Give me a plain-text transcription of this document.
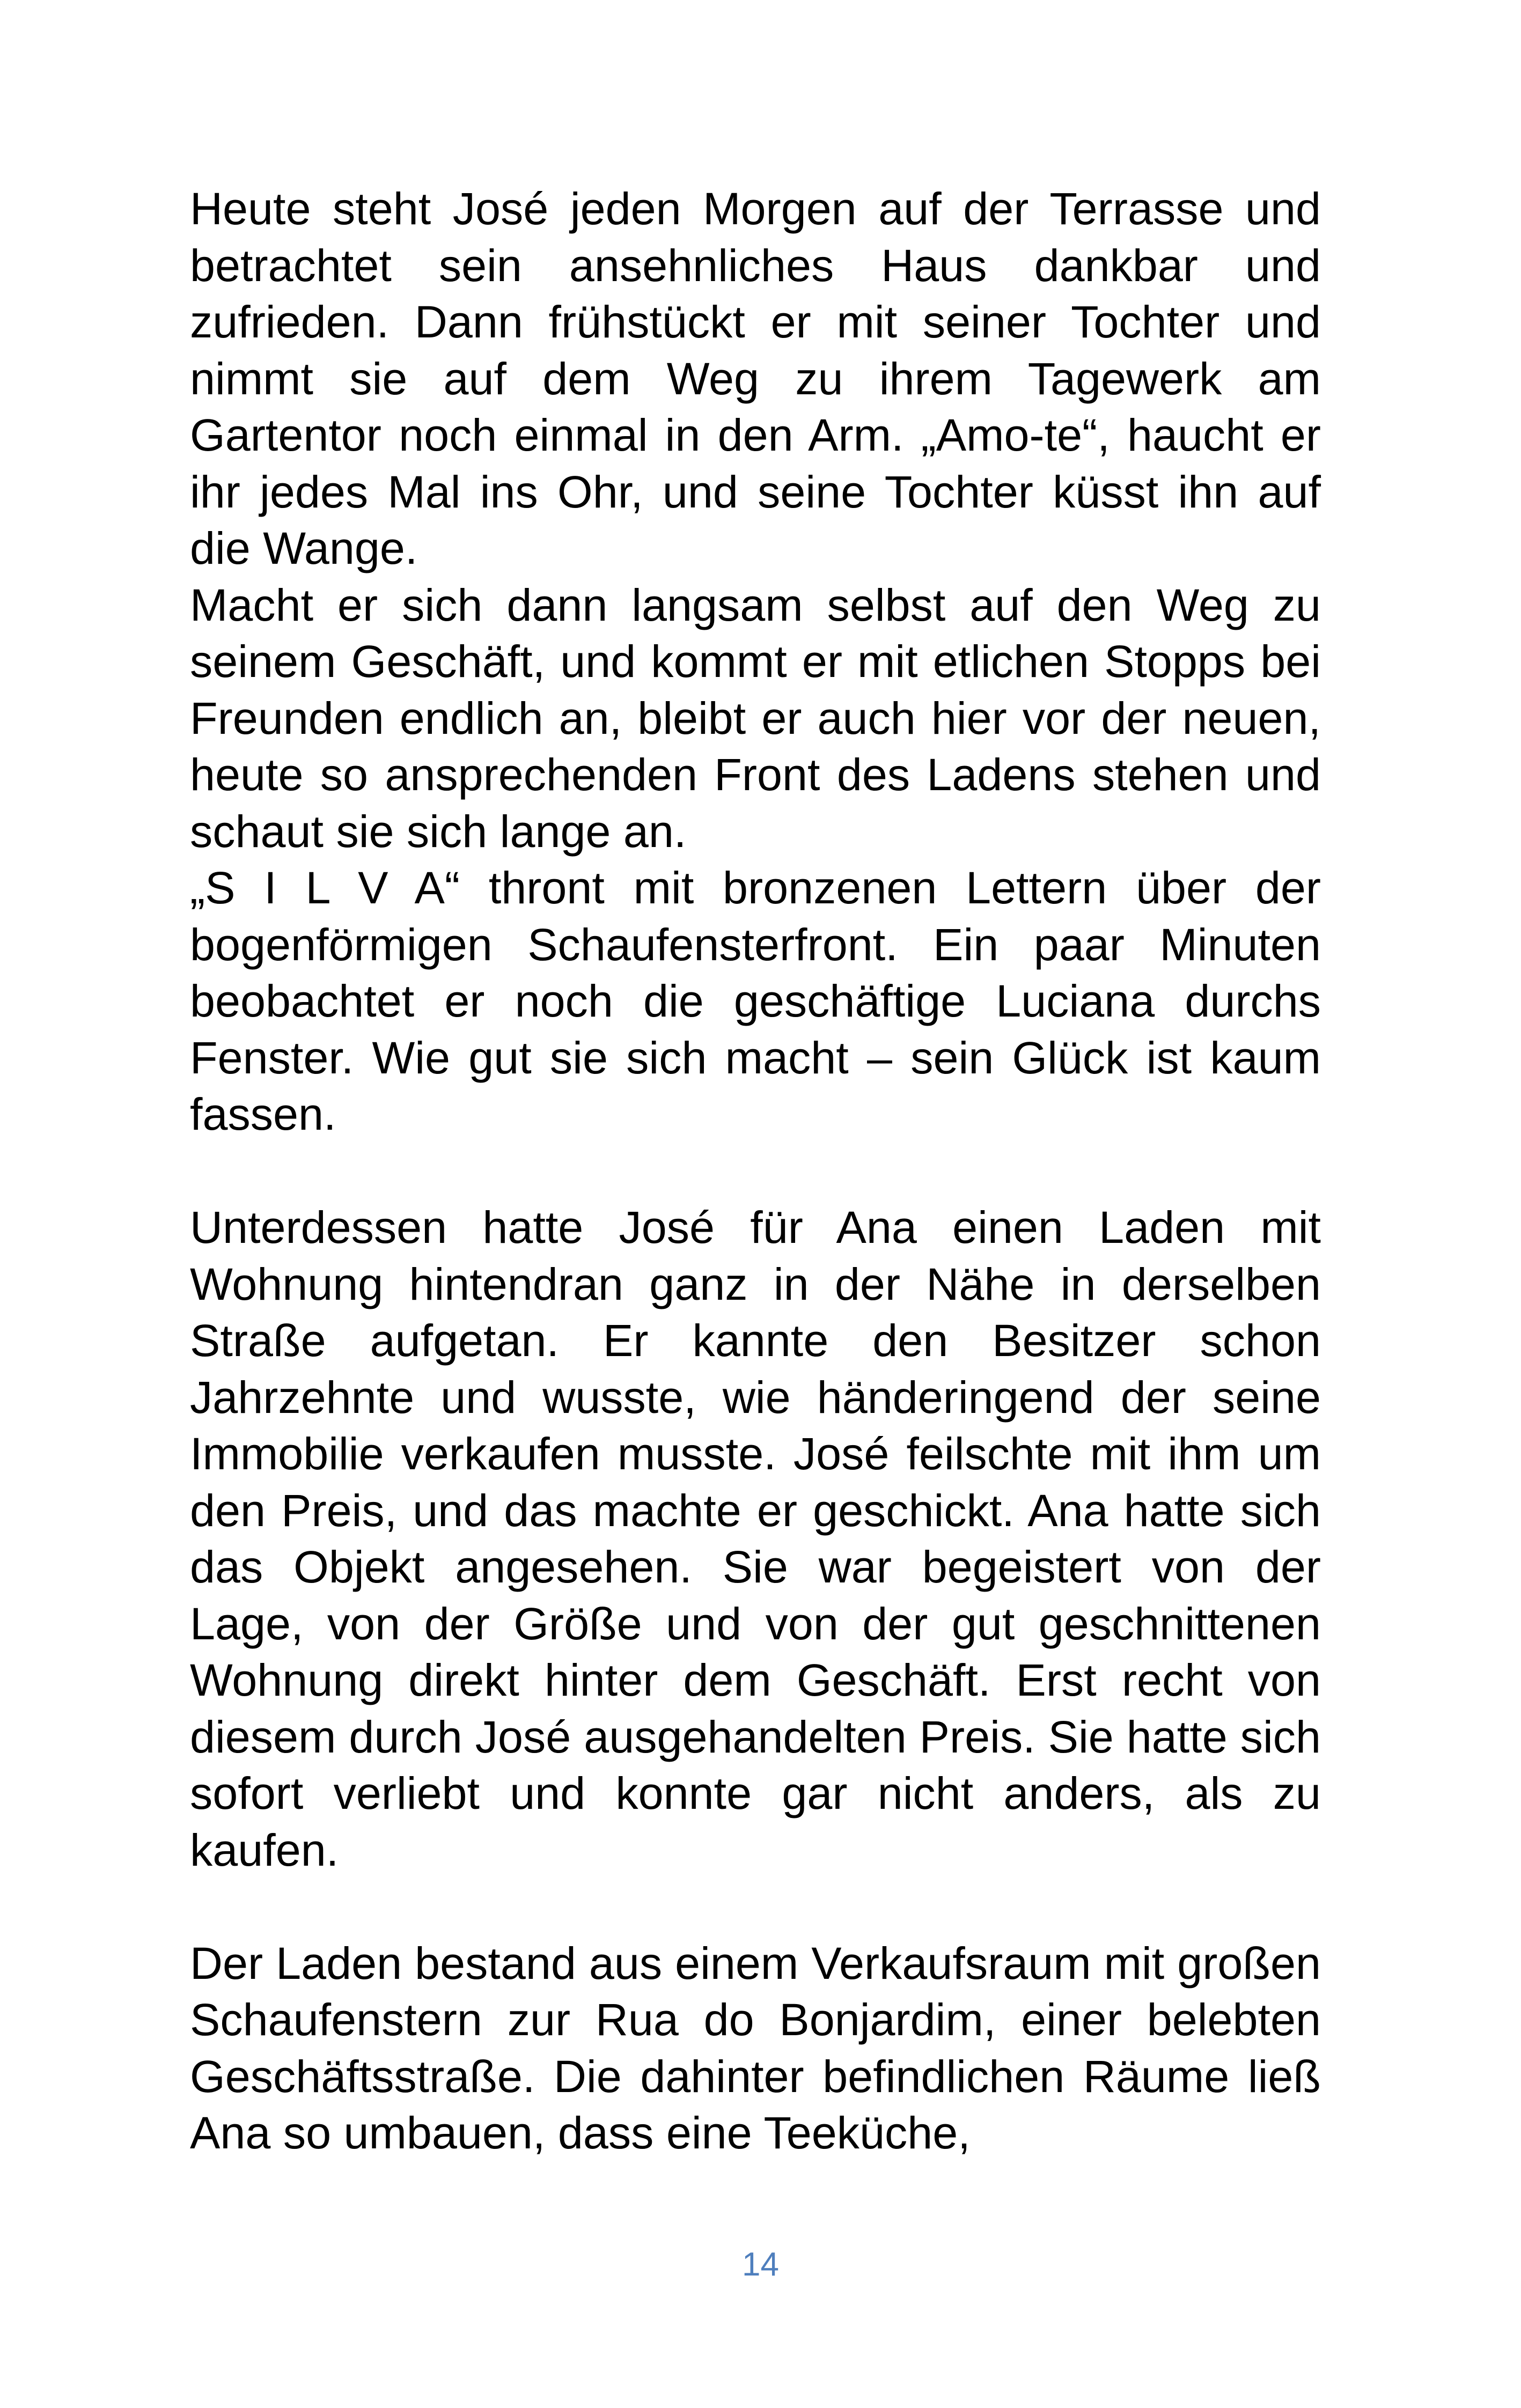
Heute steht José jeden Morgen auf der Terrasse und betrachtet sein ansehnliches Haus dankbar und zufrieden. Dann frühstückt er mit seiner Tochter und nimmt sie auf dem Weg zu ihrem Tagewerk am Gartentor noch einmal in den Arm. „Amo-te“, haucht er ihr jedes Mal ins Ohr, und seine Tochter küsst ihn auf die Wange.

Macht er sich dann langsam selbst auf den Weg zu seinem Geschäft, und kommt er mit etlichen Stopps bei Freunden endlich an, bleibt er auch hier vor der neuen, heute so ansprechenden Front des Ladens stehen und schaut sie sich lange an.

„S I L V A“ thront mit bronzenen Lettern über der bogenförmigen Schaufensterfront. Ein paar Minuten beobachtet er noch die geschäftige Luciana durchs Fenster. Wie gut sie sich macht – sein Glück ist kaum fassen.

Unterdessen hatte José für Ana einen Laden mit Wohnung hintendran ganz in der Nähe in derselben Straße aufgetan. Er kannte den Besitzer schon Jahrzehnte und wusste, wie händeringend der seine Immobilie verkaufen musste. José feilschte mit ihm um den Preis, und das machte er geschickt. Ana hatte sich das Objekt angesehen. Sie war begeistert von der Lage, von der Größe und von der gut geschnittenen Wohnung direkt hinter dem Geschäft. Erst recht von diesem durch José ausgehandelten Preis. Sie hatte sich sofort verliebt und konnte gar nicht anders, als zu kaufen.

Der Laden bestand aus einem Verkaufsraum mit großen Schaufenstern zur Rua do Bonjardim, einer belebten Geschäftsstraße. Die dahinter befindlichen Räume ließ Ana so umbauen, dass eine Teeküche,

14
